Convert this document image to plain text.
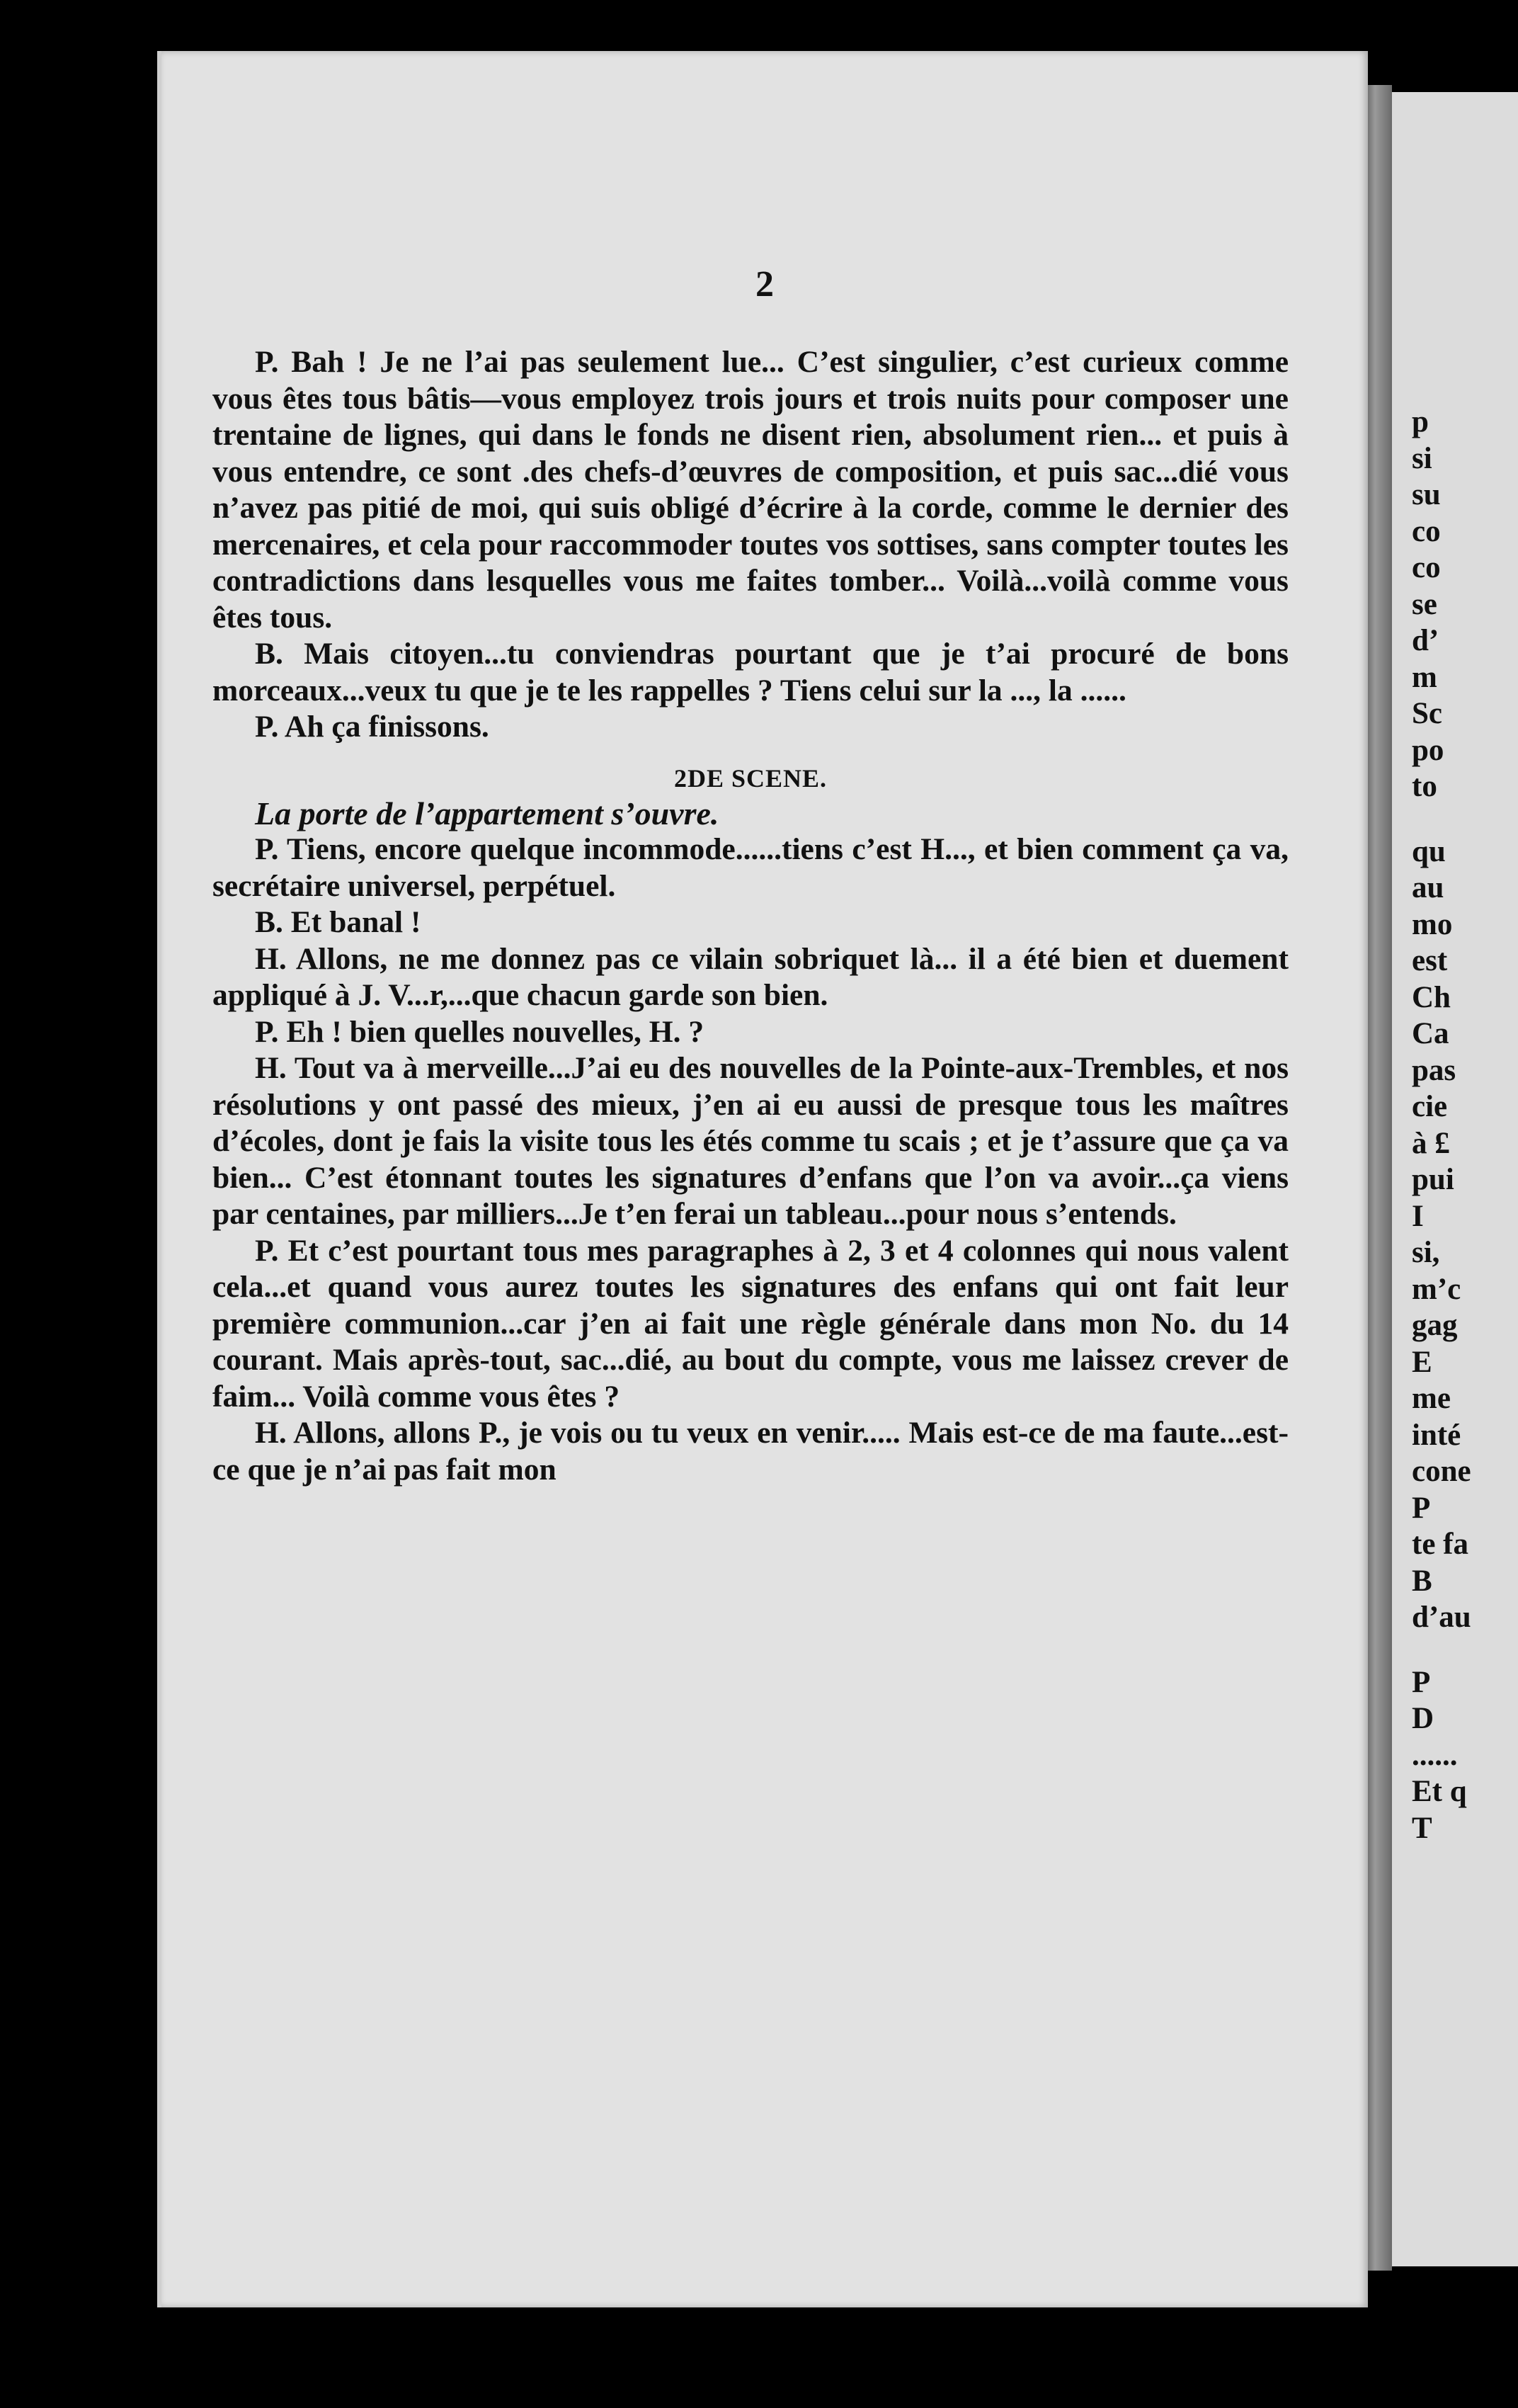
p
si
su
co
co
se
d’
m
Sc
po
to
qu
au
mo
est
Ch
Ca
pas
cie
à £
pui
I
si,
m’c
gag
E
me
inté
cone
P
te fa
B
d’au
P
D
......
Et q
T
2

P. Bah ! Je ne l’ai pas seulement lue... C’est singulier, c’est curieux comme vous êtes tous bâtis—vous employez trois jours et trois nuits pour composer une trentaine de lignes, qui dans le fonds ne disent rien, absolument rien... et puis à vous entendre, ce sont .des chefs-d’œuvres de composition, et puis sac...dié vous n’avez pas pitié de moi, qui suis obligé d’écrire à la corde, comme le dernier des mercenaires, et cela pour raccommoder toutes vos sottises, sans compter toutes les contradictions dans lesquelles vous me faites tomber... Voilà...voilà comme vous êtes tous.

B. Mais citoyen...tu conviendras pourtant que je t’ai procuré de bons morceaux...veux tu que je te les rappelles ? Tiens celui sur la ..., la ......

P. Ah ça finissons.

2DE SCENE.

La porte de l’appartement s’ouvre.

P. Tiens, encore quelque incommode......tiens c’est H..., et bien comment ça va, secrétaire universel, perpétuel.

B. Et banal !

H. Allons, ne me donnez pas ce vilain sobriquet là... il a été bien et duement appliqué à J. V...r,...que chacun garde son bien.

P. Eh ! bien quelles nouvelles, H. ?

H. Tout va à merveille...J’ai eu des nouvelles de la Pointe-aux-Trembles, et nos résolutions y ont passé des mieux, j’en ai eu aussi de presque tous les maîtres d’écoles, dont je fais la visite tous les étés comme tu scais ; et je t’assure que ça va bien... C’est étonnant toutes les signatures d’enfans que l’on va avoir...ça viens par centaines, par milliers...Je t’en ferai un tableau...pour nous s’entends.

P. Et c’est pourtant tous mes paragraphes à 2, 3 et 4 colonnes qui nous valent cela...et quand vous aurez toutes les signatures des enfans qui ont fait leur première communion...car j’en ai fait une règle générale dans mon No. du 14 courant. Mais après-tout, sac...dié, au bout du compte, vous me laissez crever de faim... Voilà comme vous êtes ?

H. Allons, allons P., je vois ou tu veux en venir..... Mais est-ce de ma faute...est-ce que je n’ai pas fait mon
